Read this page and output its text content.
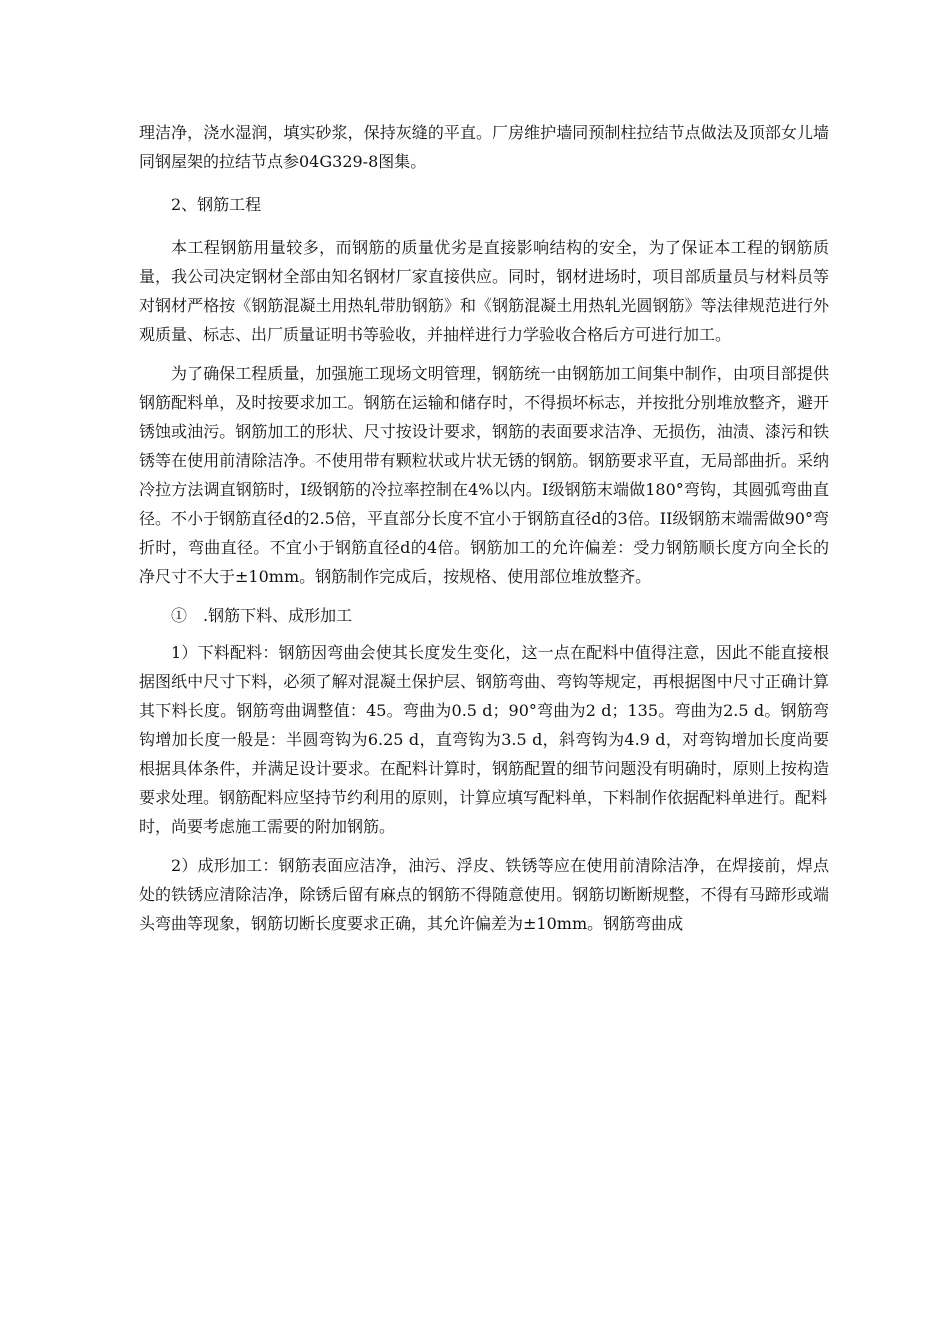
理洁净，浇水湿润，填实砂浆，保持灰缝的平直。厂房维护墙同预制柱拉结节点做法及顶部女儿墙同钢屋架的拉结节点参04G329-8图集。

2、钢筋工程

本工程钢筋用量较多，而钢筋的质量优劣是直接影响结构的安全，为了保证本工程的钢筋质量，我公司决定钢材全部由知名钢材厂家直接供应。同时，钢材进场时，项目部质量员与材料员等对钢材严格按《钢筋混凝土用热轧带肋钢筋》和《钢筋混凝土用热轧光圆钢筋》等法律规范进行外观质量、标志、出厂质量证明书等验收，并抽样进行力学验收合格后方可进行加工。

为了确保工程质量，加强施工现场文明管理，钢筋统一由钢筋加工间集中制作，由项目部提供钢筋配料单，及时按要求加工。钢筋在运输和储存时，不得损坏标志，并按批分别堆放整齐，避开锈蚀或油污。钢筋加工的形状、尺寸按设计要求，钢筋的表面要求洁净、无损伤，油渍、漆污和铁锈等在使用前清除洁净。不使用带有颗粒状或片状无锈的钢筋。钢筋要求平直，无局部曲折。采纳冷拉方法调直钢筋时，I级钢筋的冷拉率控制在4%以内。I级钢筋末端做180°弯钩，其圆弧弯曲直径。不小于钢筋直径d的2.5倍，平直部分长度不宜小于钢筋直径d的3倍。II级钢筋末端需做90°弯折时，弯曲直径。不宜小于钢筋直径d的4倍。钢筋加工的允许偏差：受力钢筋顺长度方向全长的净尺寸不大于±10mm。钢筋制作完成后，按规格、使用部位堆放整齐。

①　.钢筋下料、成形加工

1）下料配料：钢筋因弯曲会使其长度发生变化，这一点在配料中值得注意，因此不能直接根据图纸中尺寸下料，必须了解对混凝土保护层、钢筋弯曲、弯钩等规定，再根据图中尺寸正确计算其下料长度。钢筋弯曲调整值：45。弯曲为0.5 d；90°弯曲为2 d；135。弯曲为2.5 d。钢筋弯钩增加长度一般是：半圆弯钩为6.25 d，直弯钩为3.5 d，斜弯钩为4.9 d，对弯钩增加长度尚要根据具体条件，并满足设计要求。在配料计算时，钢筋配置的细节问题没有明确时，原则上按构造要求处理。钢筋配料应坚持节约利用的原则，计算应填写配料单，下料制作依据配料单进行。配料

时，尚要考虑施工需要的附加钢筋。

2）成形加工：钢筋表面应洁净，油污、浮皮、铁锈等应在使用前清除洁净，在焊接前，焊点处的铁锈应清除洁净，除锈后留有麻点的钢筋不得随意使用。钢筋切断断规整，不得有马蹄形或端头弯曲等现象，钢筋切断长度要求正确，其允许偏差为±10mm。钢筋弯曲成
